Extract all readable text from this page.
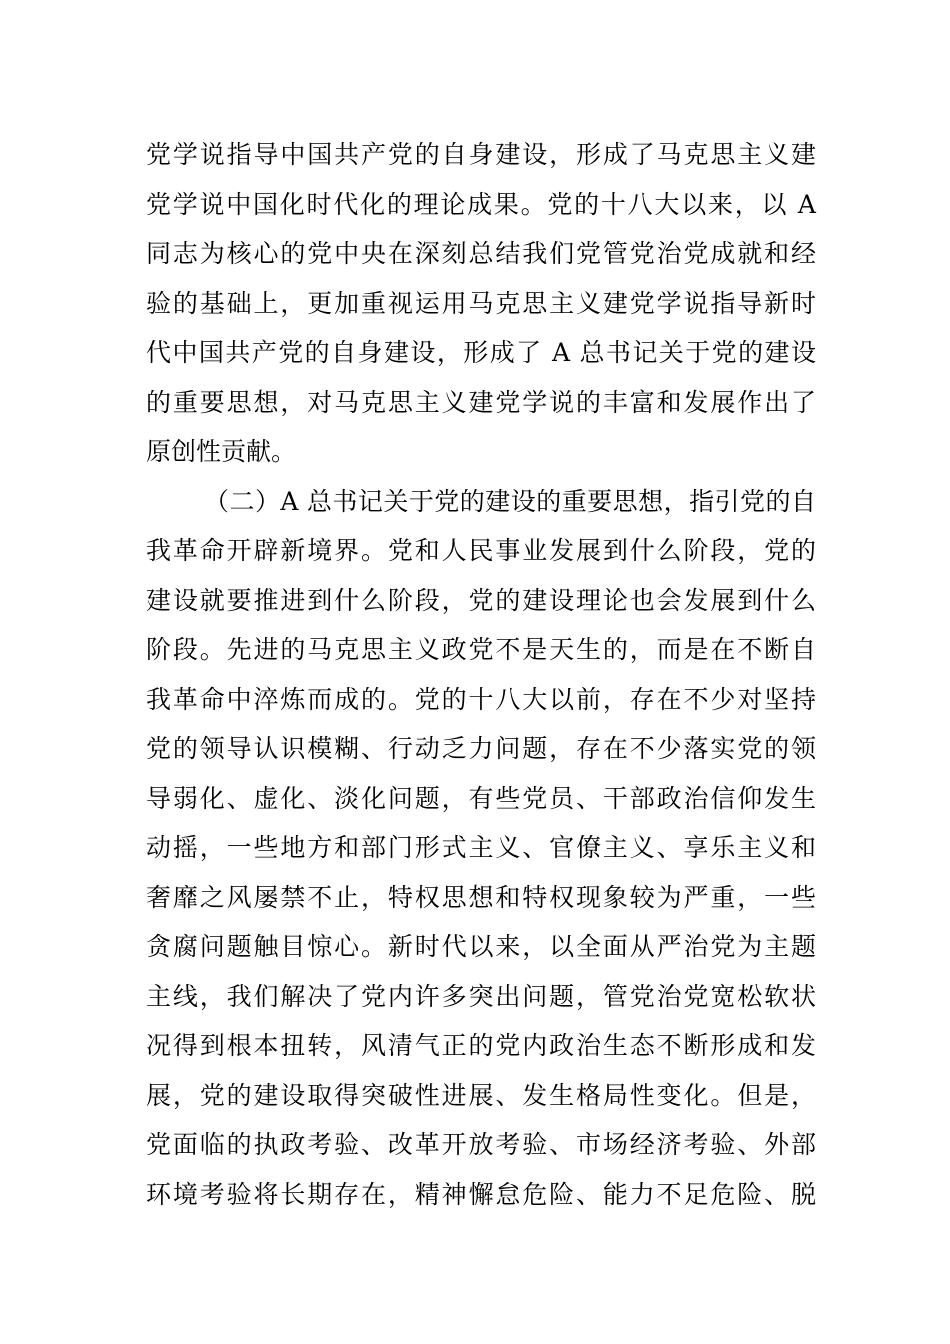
党学说指导中国共产党的自身建设，形成了马克思主义建
党学说中国化时代化的理论成果。党的十八大以来，以 A
同志为核心的党中央在深刻总结我们党管党治党成就和经
验的基础上，更加重视运用马克思主义建党学说指导新时
代中国共产党的自身建设，形成了 A 总书记关于党的建设
的重要思想，对马克思主义建党学说的丰富和发展作出了
原创性贡献。
（二）A 总书记关于党的建设的重要思想，指引党的自
我革命开辟新境界。党和人民事业发展到什么阶段，党的
建设就要推进到什么阶段，党的建设理论也会发展到什么
阶段。先进的马克思主义政党不是天生的，而是在不断自
我革命中淬炼而成的。党的十八大以前，存在不少对坚持
党的领导认识模糊、行动乏力问题，存在不少落实党的领
导弱化、虚化、淡化问题，有些党员、干部政治信仰发生
动摇，一些地方和部门形式主义、官僚主义、享乐主义和
奢靡之风屡禁不止，特权思想和特权现象较为严重，一些
贪腐问题触目惊心。新时代以来，以全面从严治党为主题
主线，我们解决了党内许多突出问题，管党治党宽松软状
况得到根本扭转，风清气正的党内政治生态不断形成和发
展，党的建设取得突破性进展、发生格局性变化。但是，
党面临的执政考验、改革开放考验、市场经济考验、外部
环境考验将长期存在，精神懈怠危险、能力不足危险、脱
